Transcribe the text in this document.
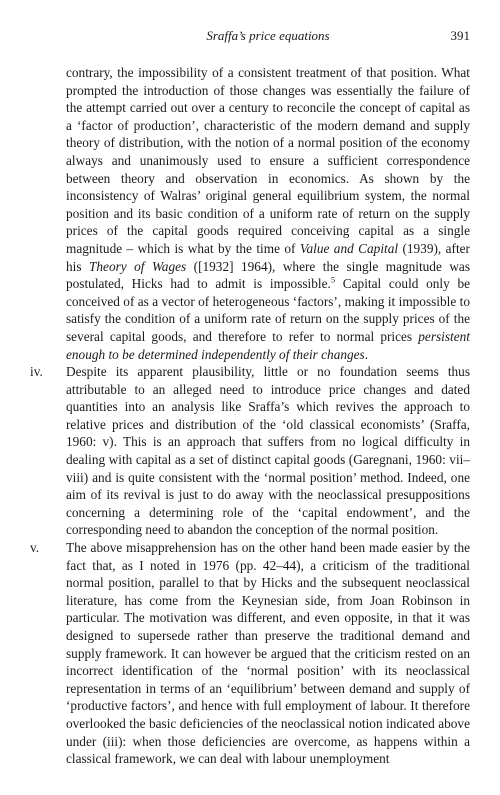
Sraffa’s price equations	391

contrary, the impossibility of a consistent treatment of that position. What prompted the introduction of those changes was essentially the failure of the attempt carried out over a century to reconcile the concept of capital as a ‘factor of production’, characteristic of the modern demand and supply theory of distribution, with the notion of a normal position of the economy always and unanimously used to ensure a sufficient correspondence between theory and observation in economics. As shown by the inconsistency of Walras’ original general equilibrium system, the normal position and its basic condition of a uniform rate of return on the supply prices of the capital goods required conceiving capital as a single magnitude – which is what by the time of Value and Capital (1939), after his Theory of Wages ([1932] 1964), where the single magnitude was postulated, Hicks had to admit is impossible.$^5$ Capital could only be conceived of as a vector of heterogeneous ‘factors’, making it impossible to satisfy the condition of a uniform rate of return on the supply prices of the several capital goods, and therefore to refer to normal prices persistent enough to be determined independently of their changes.

iv. Despite its apparent plausibility, little or no foundation seems thus attributable to an alleged need to introduce price changes and dated quantities into an analysis like Sraffa’s which revives the approach to relative prices and distribution of the ‘old classical economists’ (Sraffa, 1960: v). This is an approach that suffers from no logical difficulty in dealing with capital as a set of distinct capital goods (Garegnani, 1960: vii–viii) and is quite consistent with the ‘normal position’ method. Indeed, one aim of its revival is just to do away with the neoclassical presuppositions concerning a determining role of the ‘capital endowment’, and the corresponding need to abandon the conception of the normal position.

v. The above misapprehension has on the other hand been made easier by the fact that, as I noted in 1976 (pp. 42–44), a criticism of the traditional normal position, parallel to that by Hicks and the subsequent neoclassical literature, has come from the Keynesian side, from Joan Robinson in particular. The motivation was different, and even opposite, in that it was designed to supersede rather than preserve the traditional demand and supply framework. It can however be argued that the criticism rested on an incorrect identification of the ‘normal position’ with its neoclassical representation in terms of an ‘equilibrium’ between demand and supply of ‘productive factors’, and hence with full employment of labour. It therefore overlooked the basic deficiencies of the neoclassical notion indicated above under (iii): when those deficiencies are overcome, as happens within a classical framework, we can deal with labour unemployment
